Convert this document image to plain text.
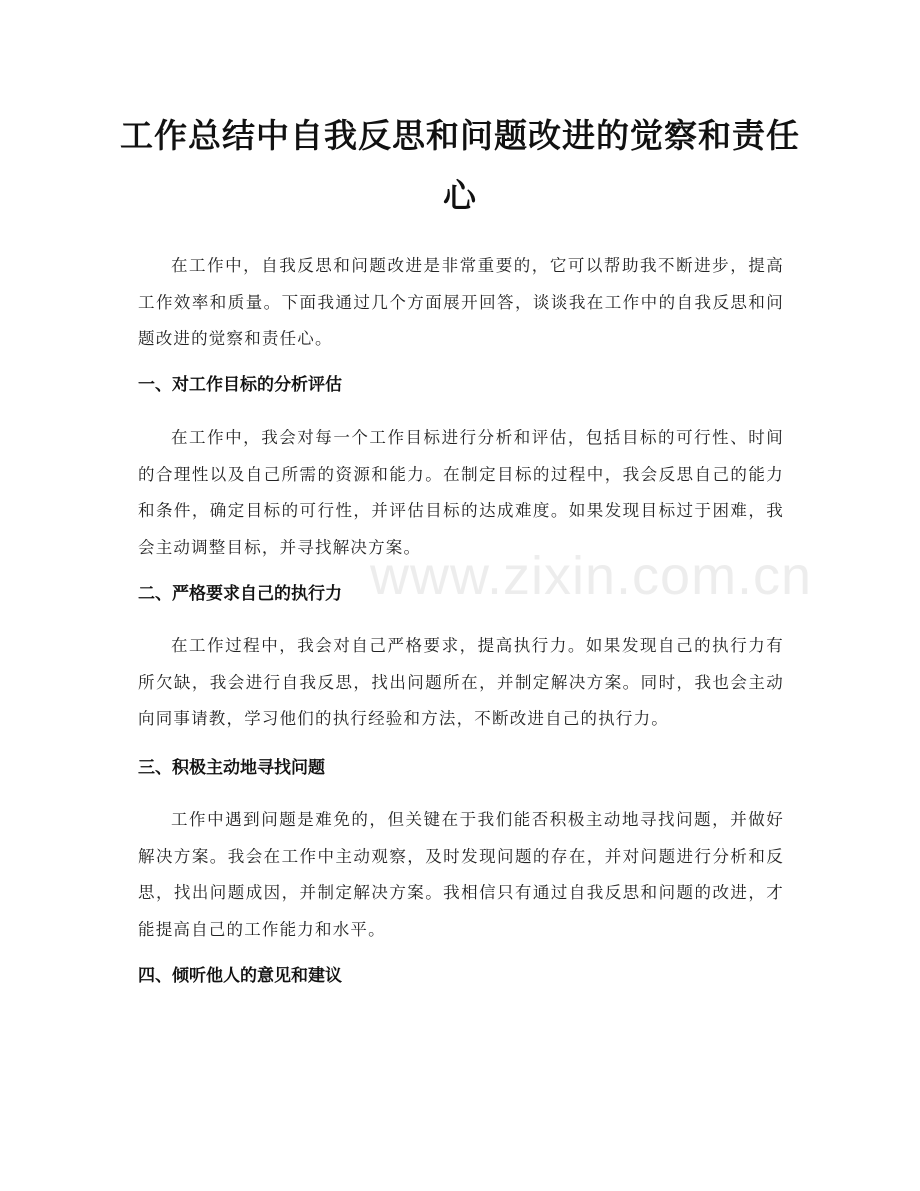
工作总结中自我反思和问题改进的觉察和责任心

在工作中，自我反思和问题改进是非常重要的，它可以帮助我不断进步，提高工作效率和质量。下面我通过几个方面展开回答，谈谈我在工作中的自我反思和问题改进的觉察和责任心。

一、对工作目标的分析评估

在工作中，我会对每一个工作目标进行分析和评估，包括目标的可行性、时间的合理性以及自己所需的资源和能力。在制定目标的过程中，我会反思自己的能力和条件，确定目标的可行性，并评估目标的达成难度。如果发现目标过于困难，我会主动调整目标，并寻找解决方案。

二、严格要求自己的执行力

在工作过程中，我会对自己严格要求，提高执行力。如果发现自己的执行力有所欠缺，我会进行自我反思，找出问题所在，并制定解决方案。同时，我也会主动向同事请教，学习他们的执行经验和方法，不断改进自己的执行力。

三、积极主动地寻找问题

工作中遇到问题是难免的，但关键在于我们能否积极主动地寻找问题，并做好解决方案。我会在工作中主动观察，及时发现问题的存在，并对问题进行分析和反思，找出问题成因，并制定解决方案。我相信只有通过自我反思和问题的改进，才能提高自己的工作能力和水平。

四、倾听他人的意见和建议
www.zixin.com.cn
